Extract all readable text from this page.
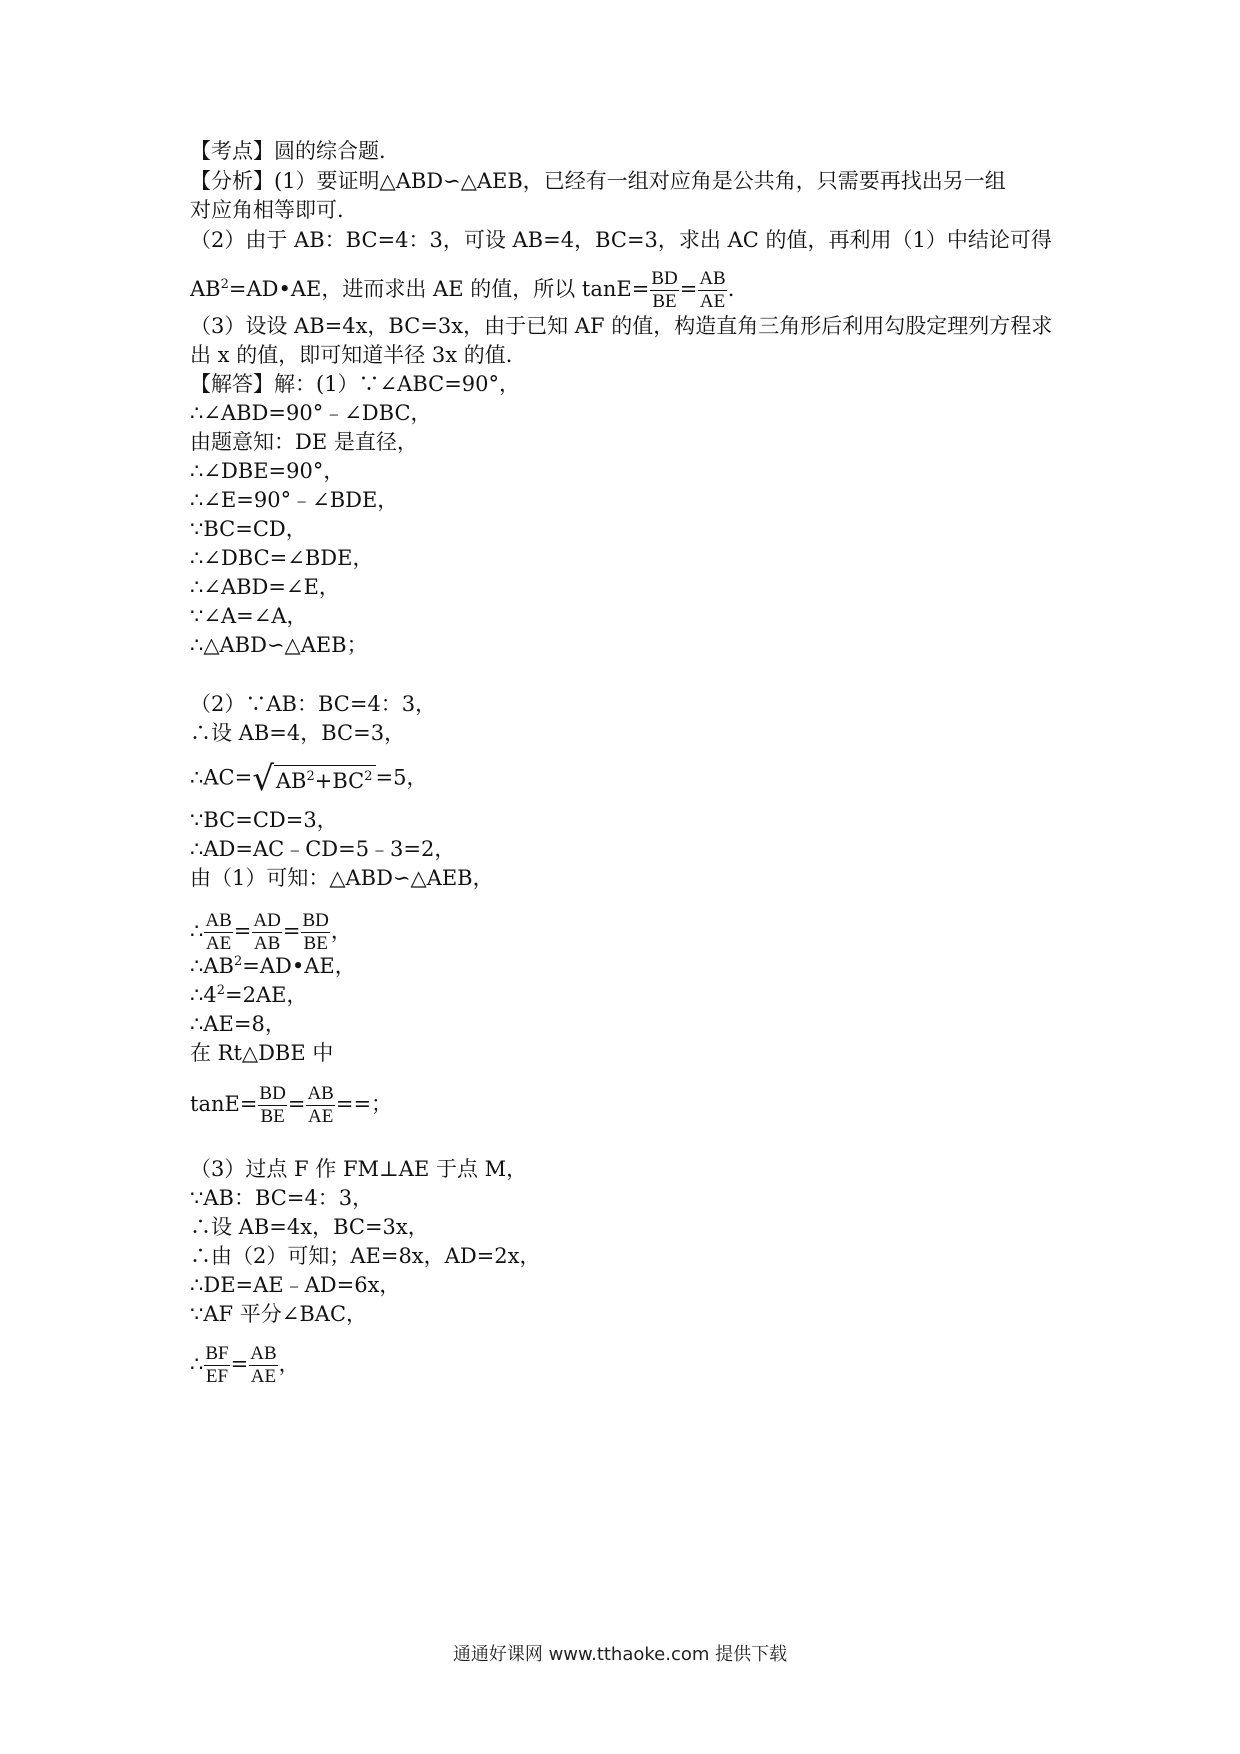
【考点】圆的综合题．
【分析】(1）要证明△ABD∽△AEB，已经有一组对应角是公共角，只需要再找出另一组
对应角相等即可．
（2）由于 AB：BC=4：3，可设 AB=4，BC=3，求出 AC 的值，再利用（1）中结论可得
$AB^2=AD•AE$，进而求出 AE 的值，所以 $\tan E= \frac{BD}{BE} = \frac{AB}{AE}$ .
（3）设设 AB=4x，BC=3x，由于已知 AF 的值，构造直角三角形后利用勾股定理列方程求
出 x 的值，即可知道半径 3x 的值．
【解答】解：(1）∵∠ABC=90°，
∴∠ABD=90°﹣∠DBC，
由题意知：DE 是直径，
∴∠DBE=90°，
∴∠E=90°﹣∠BDE，
∵BC=CD，
∴∠DBC=∠BDE，
∴∠ABD=∠E，
∵∠A=∠A，
∴△ABD∽△AEB；
（2）∵AB：BC=4：3，
∴设 AB=4，BC=3，
$\therefore AC=√AB^2+BC^2 =5$，
∵BC=CD=3，
∴AD=AC﹣CD=5﹣3=2，
由（1）可知：△ABD∽△AEB，
∴ $\frac{AB}{AE} = \frac{AD}{AB} = \frac{BD}{BE}$ ，
$\therefore AB^2=AD•AE$，
$\therefore 4^2=2AE$，
∴AE=8，
在 Rt△DBE 中
$\tan E= \frac{BD}{BE} = \frac{AB}{AE}$ ==；
（3）过点 F 作 FM⊥AE 于点 M，
∵AB：BC=4：3，
∴设 AB=4x，BC=3x，
∴由（2）可知；AE=8x，AD=2x，
∴DE=AE﹣AD=6x，
∵AF 平分∠BAC，
∴ $\frac{BF}{EF} = \frac{AB}{AE}$ ，
通通好课网 www.tthaoke.com 提供下载
